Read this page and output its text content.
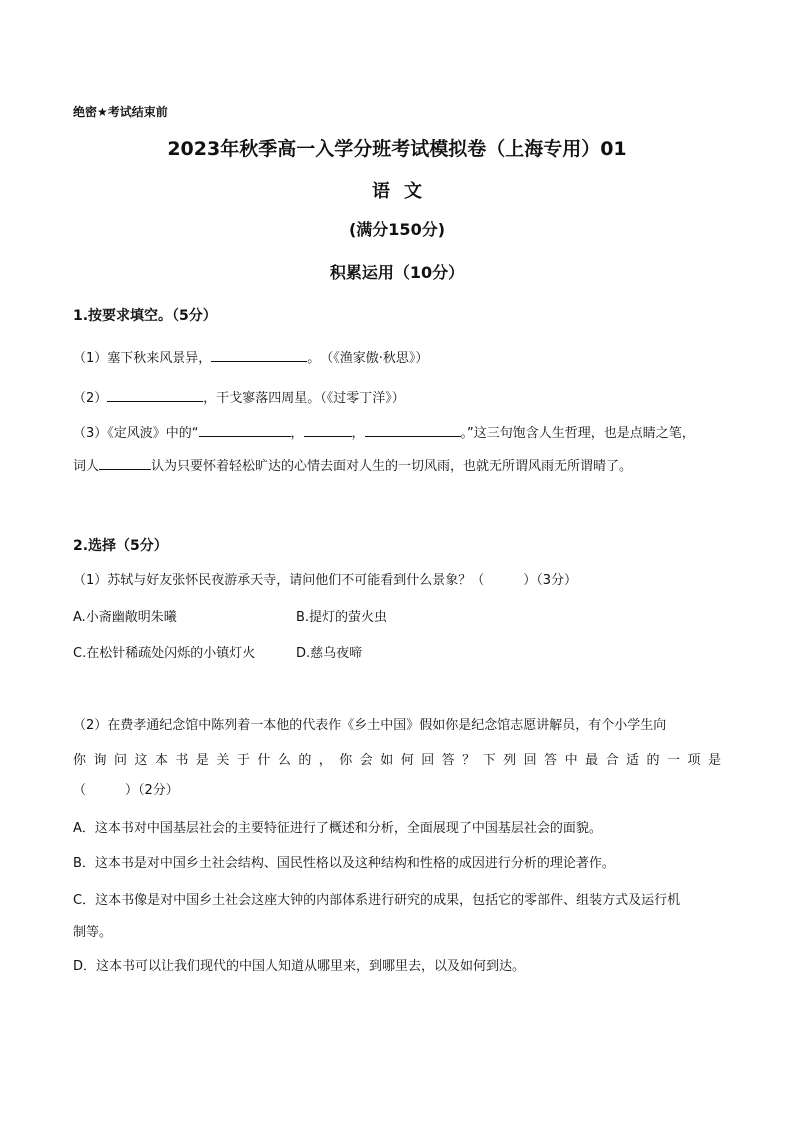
绝密★考试结束前
2023年秋季高一入学分班考试模拟卷（上海专用）01
语文
(满分150分)
积累运用（10分）
1.按要求填空。（5分）
（1）塞下秋来风景异，	。　（《渔家傲·秋思》）
（2）	，干戈寥落四周星。（《过零丁洋》）
（3）《定风波》中的“	，	，	。”这三句饱含人生哲理，也是点睛之笔，
词人	认为只要怀着轻松旷达的心情去面对人生的一切风雨，也就无所谓风雨无所谓晴了。
2.选择（5分）
（1）苏轼与好友张怀民夜游承天寺，请问他们不可能看到什么景象？（　　　）（3分）
A.小斋幽敞明朱曦	B.提灯的萤火虫
C.在松针稀疏处闪烁的小镇灯火	D.慈乌夜啼
（2）在费孝通纪念馆中陈列着一本他的代表作《乡土中国》假如你是纪念馆志愿讲解员，有个小学生向
你询问这本书是关于什么的，你会如何回答？下列回答中最合适的一项是
（　　　）（2分）
A．这本书对中国基层社会的主要特征进行了概述和分析，全面展现了中国基层社会的面貌。
B．这本书是对中国乡土社会结构、国民性格以及这种结构和性格的成因进行分析的理论著作。
C．这本书像是对中国乡土社会这座大钟的内部体系进行研究的成果，包括它的零部件、组装方式及运行机
制等。
D．这本书可以让我们现代的中国人知道从哪里来，到哪里去，以及如何到达。
